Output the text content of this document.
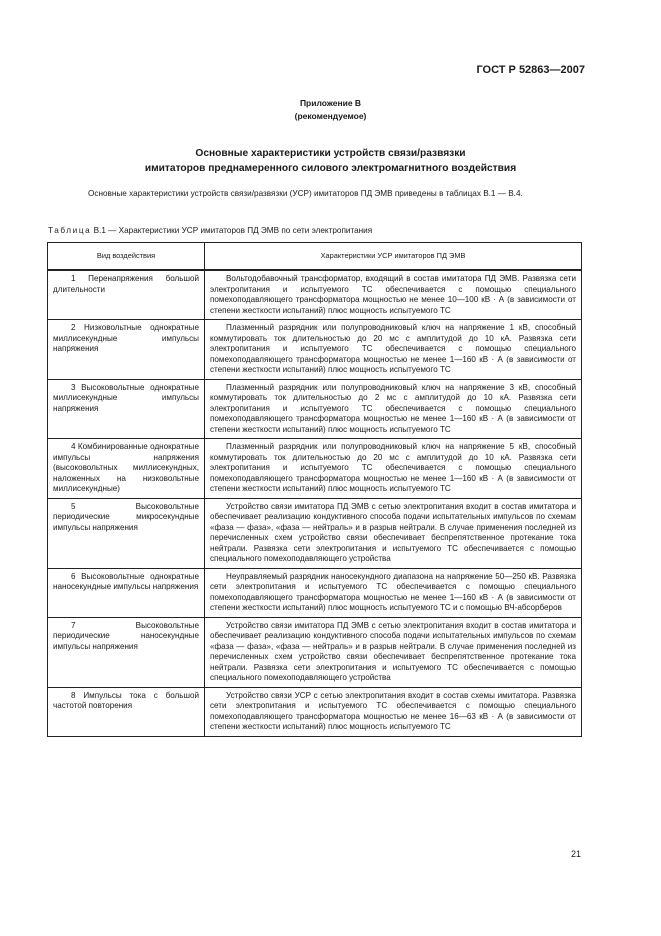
ГОСТ Р 52863—2007
Приложение В
(рекомендуемое)
Основные характеристики устройств связи/развязки
имитаторов преднамеренного силового электромагнитного воздействия
Основные характеристики устройств связи/развязки (УСР) имитаторов ПД ЭМВ приведены в таблицах В.1 — В.4.
Таблица В.1 — Характеристики УСР имитаторов ПД ЭМВ по сети электропитания
Вид воздействия	Характеристики УСР имитаторов ПД ЭМВ
1 Перенапряжения большой длительности	Вольтодобавочный трансформатор, входящий в состав имитатора ПД ЭМВ. Развязка сети электропитания и испытуемого ТС обеспечивается с помощью специального помехоподавляющего трансформатора мощностью не менее 10—100 кВ · А (в зависимости от степени жесткости испытаний) плюс мощность испытуемого ТС
2 Низковольтные однократные миллисекундные импульсы напряжения	Плазменный разрядник или полупроводниковый ключ на напряжение 1 кВ, способный коммутировать ток длительностью до 20 мс с амплитудой до 10 кА. Развязка сети электропитания и испытуемого ТС обеспечивается с помощью специального помехоподавляющего трансформатора мощностью не менее 1—160 кВ · А (в зависимости от степени жесткости испытаний) плюс мощность испытуемого ТС
3 Высоковольтные однократные миллисекундные импульсы напряжения	Плазменный разрядник или полупроводниковый ключ на напряжение 3 кВ, способный коммутировать ток длительностью до 2 мс с амплитудой до 10 кА. Развязка сети электропитания и испытуемого ТС обеспечивается с помощью специального помехоподавляющего трансформатора мощностью не менее 1—160 кВ · А (в зависимости от степени жесткости испытаний) плюс мощность испытуемого ТС
4 Комбинированные однократные импульсы напряжения (высоковольтных миллисекундных, наложенных на низковольтные миллисекундные)	Плазменный разрядник или полупроводниковый ключ на напряжение 5 кВ, способный коммутировать ток длительностью до 20 мс с амплитудой до 10 кА. Развязка сети электропитания и испытуемого ТС обеспечивается с помощью специального помехоподавляющего трансформатора мощностью не менее 1—160 кВ · А (в зависимости от степени жесткости испытаний) плюс мощность испытуемого ТС
5 Высоковольтные периодические микросекундные импульсы напряжения	Устройство связи имитатора ПД ЭМВ с сетью электропитания входит в состав имитатора и обеспечивает реализацию кондуктивного способа подачи испытательных импульсов по схемам «фаза — фаза», «фаза — нейтраль» и в разрыв нейтрали. В случае применения последней из перечисленных схем устройство связи обеспечивает беспрепятственное протекание тока нейтрали. Развязка сети электропитания и испытуемого ТС обеспечивается с помощью специального помехоподавляющего устройства
6 Высоковольтные однократные наносекундные импульсы напряжения	Неуправляемый разрядник наносекундного диапазона на напряжение 50—250 кВ. Развязка сети электропитания и испытуемого ТС обеспечивается с помощью специального помехоподавляющего трансформатора мощностью не менее 1—160 кВ · А (в зависимости от степени жесткости испытаний) плюс мощность испытуемого ТС и с помощью ВЧ-абсорберов
7 Высоковольтные периодические наносекундные импульсы напряжения	Устройство связи имитатора ПД ЭМВ с сетью электропитания входит в состав имитатора и обеспечивает реализацию кондуктивного способа подачи испытательных импульсов по схемам «фаза — фаза», «фаза — нейтраль» и в разрыв нейтрали. В случае применения последней из перечисленных схем устройство связи обеспечивает беспрепятственное протекание тока нейтрали. Развязка сети электропитания и испытуемого ТС обеспечивается с помощью специального помехоподавляющего устройства
8 Импульсы тока с большой частотой повторения	Устройство связи УСР с сетью электропитания входит в состав схемы имитатора. Развязка сети электропитания и испытуемого ТС обеспечивается с помощью специального помехоподавляющего трансформатора мощностью не менее 16—63 кВ · А (в зависимости от степени жесткости испытаний) плюс мощность испытуемого ТС
21
